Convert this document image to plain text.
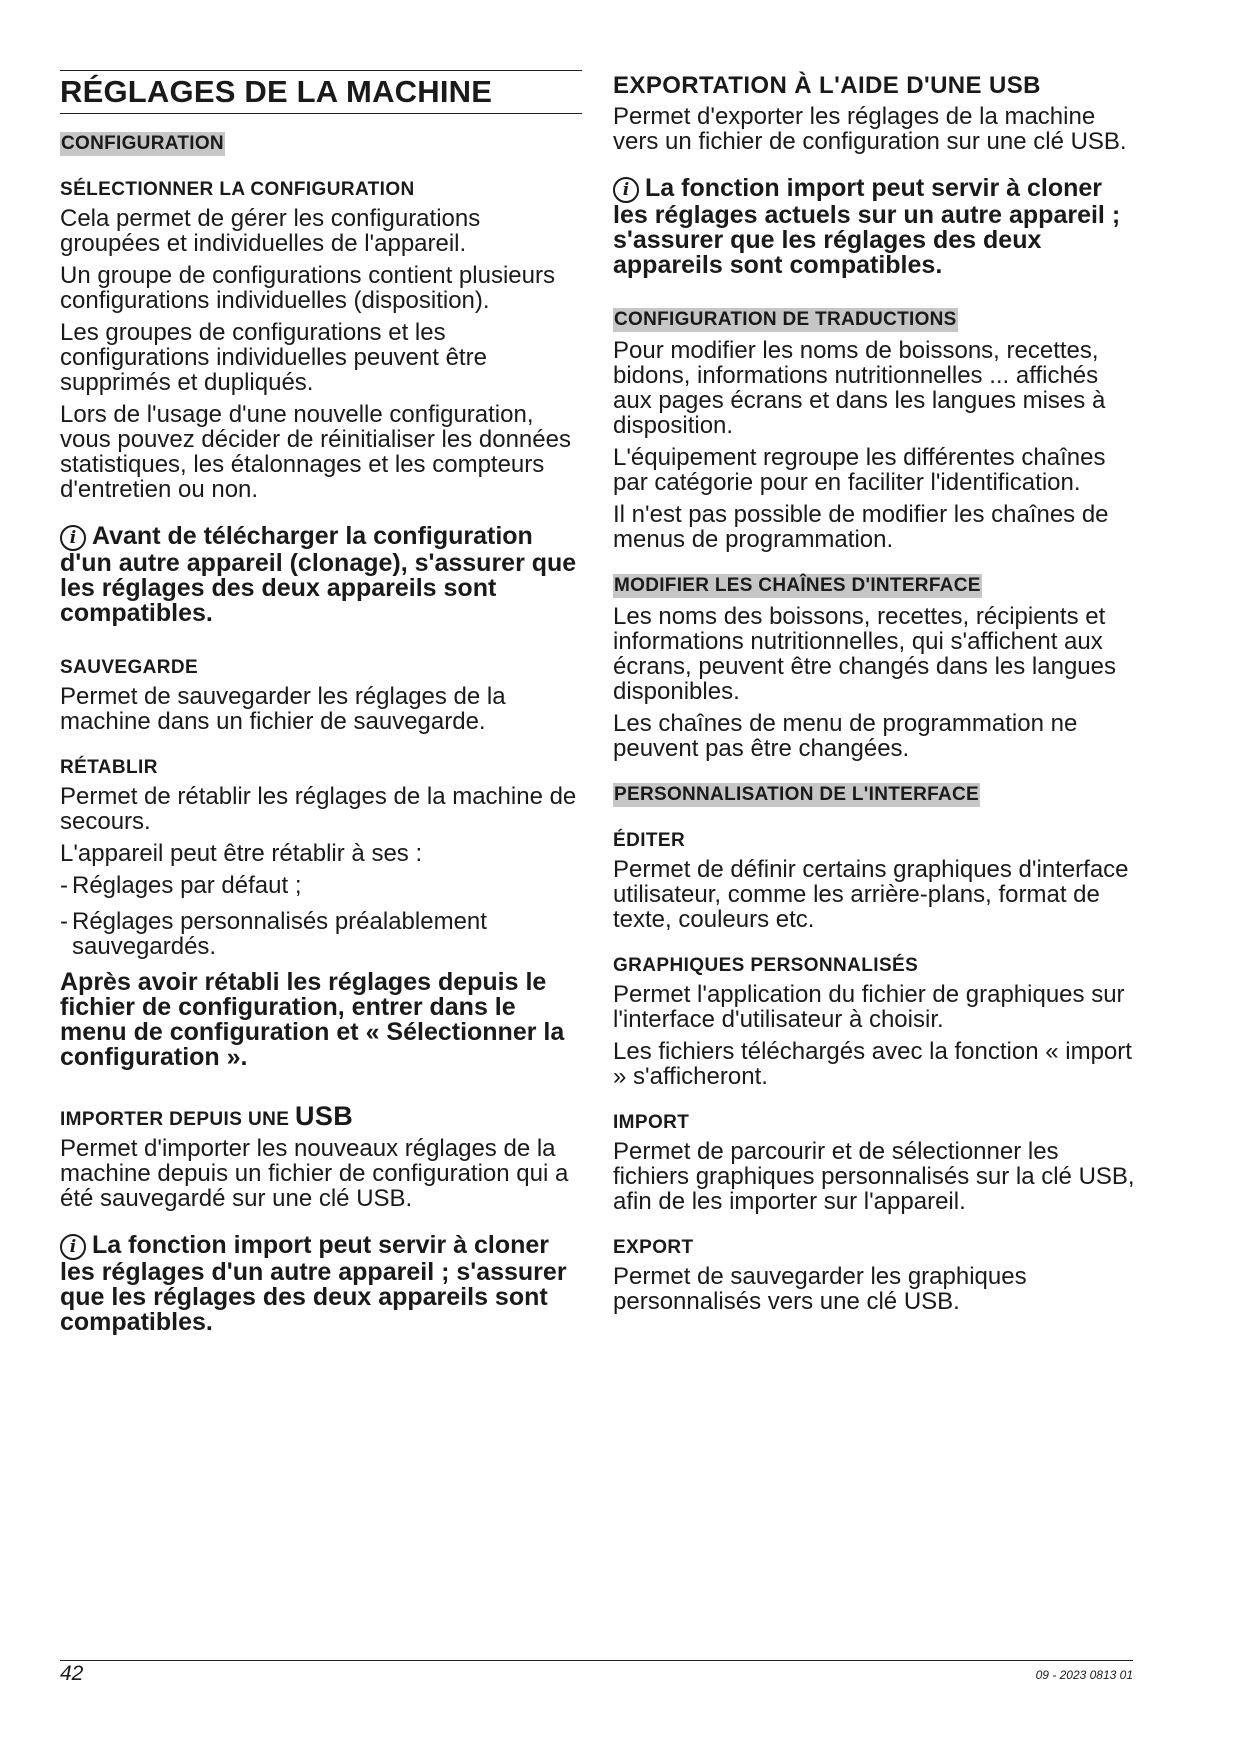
RÉGLAGES DE LA MACHINE
CONFIGURATION
SÉLECTIONNER LA CONFIGURATION

Cela permet de gérer les configurations groupées et individuelles de l'appareil.

Un groupe de configurations contient plusieurs configurations individuelles (disposition).

Les groupes de configurations et les configurations individuelles peuvent être supprimés et dupliqués.

Lors de l'usage d'une nouvelle configuration, vous pouvez décider de réinitialiser les données statistiques, les étalonnages et les compteurs d'entretien ou non.

i Avant de télécharger la configuration d'un autre appareil (clonage), s'assurer que les réglages des deux appareils sont compatibles.
SAUVEGARDE

Permet de sauvegarder les réglages de la machine dans un fichier de sauvegarde.

RÉTABLIR

Permet de rétablir les réglages de la machine de secours.

L'appareil peut être rétablir à ses :

- Réglages par défaut ;
- Réglages personnalisés préalablement sauvegardés.
Après avoir rétabli les réglages depuis le fichier de configuration, entrer dans le menu de configuration et « Sélectionner la configuration ».
IMPORTER DEPUIS UNE USB

Permet d'importer les nouveaux réglages de la machine depuis un fichier de configuration qui a été sauvegardé sur une clé USB.

i La fonction import peut servir à cloner les réglages d'un autre appareil ; s'assurer que les réglages des deux appareils sont compatibles.
EXPORTATION À L'AIDE D'UNE USB

Permet d'exporter les réglages de la machine vers un fichier de configuration sur une clé USB.

i La fonction import peut servir à cloner les réglages actuels sur un autre appareil ; s'assurer que les réglages des deux appareils sont compatibles.
CONFIGURATION DE TRADUCTIONS

Pour modifier les noms de boissons, recettes, bidons, informations nutritionnelles ... affichés aux pages écrans et dans les langues mises à disposition.

L'équipement regroupe les différentes chaînes par catégorie pour en faciliter l'identification.

Il n'est pas possible de modifier les chaînes de menus de programmation.

MODIFIER LES CHAÎNES D'INTERFACE

Les noms des boissons, recettes, récipients et informations nutritionnelles, qui s'affichent aux écrans, peuvent être changés dans les langues disponibles.

Les chaînes de menu de programmation ne peuvent pas être changées.

PERSONNALISATION DE L'INTERFACE
ÉDITER

Permet de définir certains graphiques d'interface utilisateur, comme les arrière-plans, format de texte, couleurs etc.

GRAPHIQUES PERSONNALISÉS

Permet l'application du fichier de graphiques sur l'interface d'utilisateur à choisir.

Les fichiers téléchargés avec la fonction « import » s'afficheront.

IMPORT

Permet de parcourir et de sélectionner les fichiers graphiques personnalisés sur la clé USB, afin de les importer sur l'appareil.

EXPORT

Permet de sauvegarder les graphiques personnalisés vers une clé USB.

42	09 - 2023 0813 01
